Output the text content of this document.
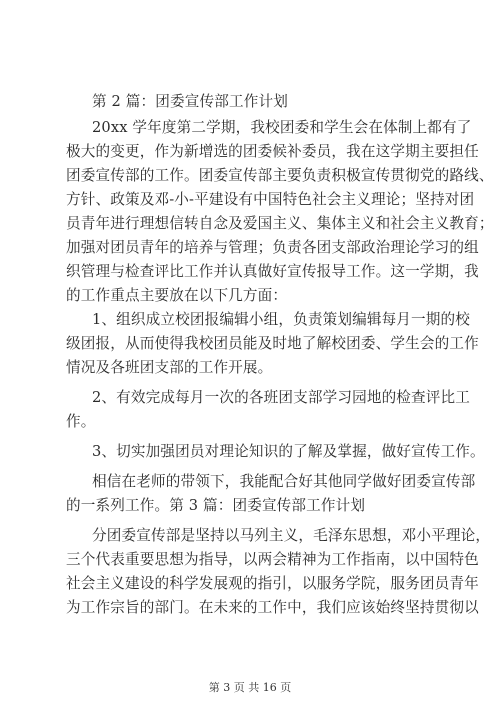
第 2 篇：团委宣传部工作计划
20xx 学年度第二学期，我校团委和学生会在体制上都有了
极大的变更，作为新增选的团委候补委员，我在这学期主要担任
团委宣传部的工作。团委宣传部主要负责积极宣传贯彻党的路线、
方针、政策及邓-小-平建设有中国特色社会主义理论；坚持对团
员青年进行理想信转自念及爱国主义、集体主义和社会主义教育；
加强对团员青年的培养与管理；负责各团支部政治理论学习的组
织管理与检查评比工作并认真做好宣传报导工作。这一学期，我
的工作重点主要放在以下几方面：
1、组织成立校团报编辑小组，负责策划编辑每月一期的校
级团报，从而使得我校团员能及时地了解校团委、学生会的工作
情况及各班团支部的工作开展。
2、有效完成每月一次的各班团支部学习园地的检查评比工
作。
3、切实加强团员对理论知识的了解及掌握，做好宣传工作。
相信在老师的带领下，我能配合好其他同学做好团委宣传部
的一系列工作。第 3 篇：团委宣传部工作计划
分团委宣传部是坚持以马列主义，毛泽东思想，邓小平理论，
三个代表重要思想为指导，以两会精神为工作指南，以中国特色
社会主义建设的科学发展观的指引，以服务学院，服务团员青年
为工作宗旨的部门。在未来的工作中，我们应该始终坚持贯彻以
第 3 页 共 16 页
